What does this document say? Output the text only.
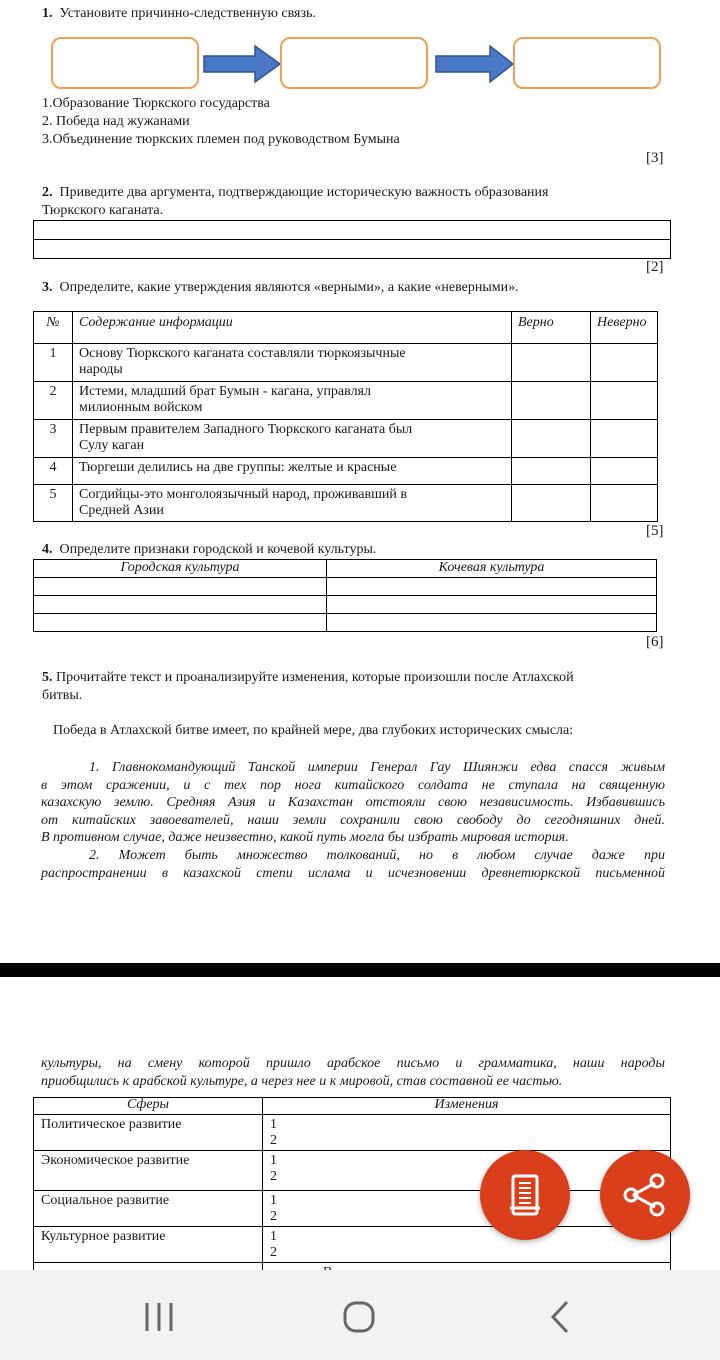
1. Установите причинно-следственную связь.
1.Образование Тюркского государства
2. Победа над жужанами
3.Объединение тюркских племен под руководством Бумына
[3]
2. Приведите два аргумента, подтверждающие историческую важность образования
Тюркского каганата.

[2]
3. Определите, какие утверждения являются «верными», а какие «неверными».
№	Содержание информации	Верно	Неверно
1	Основу Тюркского каганата составляли тюркоязычные
народы		

2	Истеми, младший брат Бумын - кагана, управлял
милионным войском		

3	Первым правителем Западного Тюркского каганата был
Сулу каган		

4	Тюргеши делились на две группы: желтые и красные		

5	Согдийцы-это монголоязычный народ, проживавший в
Средней Азии		

[5]
4. Определите признаки городской и кочевой культуры.
Городская культура	Кочевая культура

[6]
5. Прочитайте текст и проанализируйте изменения, которые произошли после Атлахской
битвы.
Победа в Атлахской битве имеет, по крайней мере, два глубоких исторических смысла:
1. Главнокомандующий Танской империи Генерал Гау Шиянжи едва спасся живым
в этом сражении, и с тех пор нога китайского солдата не ступала на священную
казахскую землю. Средняя Азия и Казахстан отстояли свою независимость. Избавившись
от китайских завоевателей, наши земли сохранили свою свободу до сегодняшних дней.
В противном случае, даже неизвестно, какой путь могла бы избрать мировая история.
2. Может быть множество толкований, но в любом случае даже при
распространении в казахской степи ислама и исчезновении древнетюркской письменной
культуры, на смену которой пришло арабское письмо и грамматика, наши народы
приобщились к арабской культуре, а через нее и к мировой, став составной ее частью.
Сферы	Изменения
Политическое развитие	1
2

Экономическое развитие	1
2

Социальное развитие	1
2

Культурное развитие	1
2
